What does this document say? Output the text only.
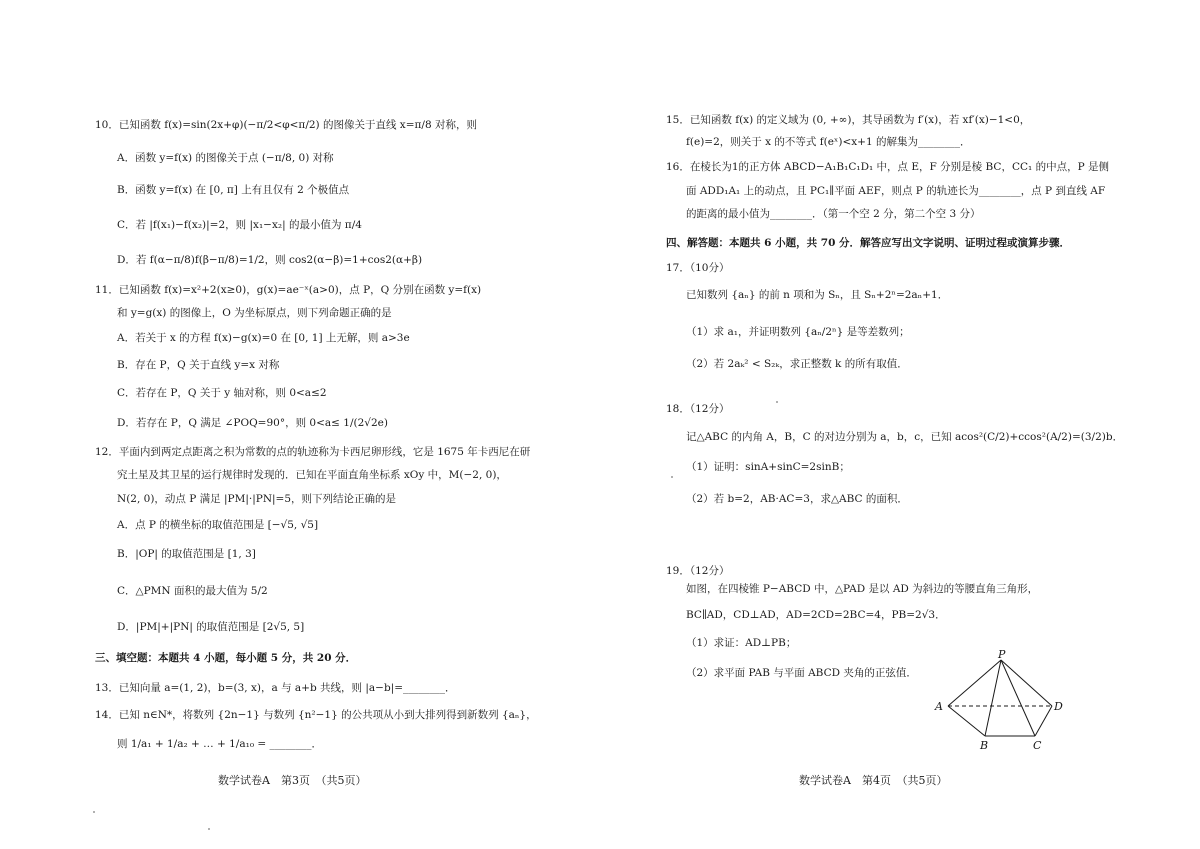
10．已知函数 f(x)=sin(2x+φ)(−π/2<φ<π/2) 的图像关于直线 x=π/8 对称，则
A．函数 y=f(x) 的图像关于点 (−π/8, 0) 对称
B．函数 y=f(x) 在 [0, π] 上有且仅有 2 个极值点
C．若 |f(x₁)−f(x₂)|=2，则 |x₁−x₂| 的最小值为 π/4
D．若 f(α−π/8)f(β−π/8)=1/2，则 cos2(α−β)=1+cos2(α+β)
11．已知函数 f(x)=x²+2(x≥0)，g(x)=ae⁻ˣ(a>0)，点 P，Q 分别在函数 y=f(x)
和 y=g(x) 的图像上，O 为坐标原点，则下列命题正确的是
A．若关于 x 的方程 f(x)−g(x)=0 在 [0, 1] 上无解，则 a>3e
B．存在 P，Q 关于直线 y=x 对称
C．若存在 P，Q 关于 y 轴对称，则 0<a≤2
D．若存在 P，Q 满足 ∠POQ=90°，则 0<a≤ 1/(2√2e)
12．平面内到两定点距离之积为常数的点的轨迹称为卡西尼卵形线，它是 1675 年卡西尼在研
究土星及其卫星的运行规律时发现的．已知在平面直角坐标系 xOy 中，M(−2, 0)，
N(2, 0)，动点 P 满足 |PM|·|PN|=5，则下列结论正确的是
A．点 P 的横坐标的取值范围是 [−√5, √5]
B．|OP| 的取值范围是 [1, 3]
C．△PMN 面积的最大值为 5/2
D．|PM|+|PN| 的取值范围是 [2√5, 5]
三、填空题：本题共 4 小题，每小题 5 分，共 20 分．
13．已知向量 a=(1, 2)，b=(3, x)，a 与 a+b 共线，则 |a−b|=________．
14．已知 n∈N*，将数列 {2n−1} 与数列 {n²−1} 的公共项从小到大排列得到新数列 {aₙ}，
则 1/a₁ + 1/a₂ + … + 1/a₁₀ = ________．
数学试卷A　第3页　（共5页）
15．已知函数 f(x) 的定义域为 (0, +∞)，其导函数为 f′(x)，若 xf′(x)−1<0，
f(e)=2，则关于 x 的不等式 f(eˣ)<x+1 的解集为________．
16．在棱长为1的正方体 ABCD−A₁B₁C₁D₁ 中，点 E，F 分别是棱 BC，CC₁ 的中点，P 是侧
面 ADD₁A₁ 上的动点，且 PC₁∥平面 AEF，则点 P 的轨迹长为________，点 P 到直线 AF
的距离的最小值为________．（第一个空 2 分，第二个空 3 分）
四、解答题：本题共 6 小题，共 70 分．解答应写出文字说明、证明过程或演算步骤．
17．（10分）
已知数列 {aₙ} 的前 n 项和为 Sₙ，且 Sₙ+2ⁿ=2aₙ+1．
（1）求 a₁，并证明数列 {aₙ/2ⁿ} 是等差数列；
（2）若 2aₖ² < S₂ₖ，求正整数 k 的所有取值．
18．（12分）
记△ABC 的内角 A，B，C 的对边分别为 a，b，c，已知 acos²(C/2)+ccos²(A/2)=(3/2)b．
（1）证明：sinA+sinC=2sinB；
（2）若 b=2，AB·AC=3，求△ABC 的面积．
19．（12分）
如图，在四棱锥 P−ABCD 中，△PAD 是以 AD 为斜边的等腰直角三角形，
BC∥AD，CD⊥AD，AD=2CD=2BC=4，PB=2√3．
（1）求证：AD⊥PB；
（2）求平面 PAB 与平面 ABCD 夹角的正弦值．
P
A	D
B	C
数学试卷A　第4页　（共5页）
